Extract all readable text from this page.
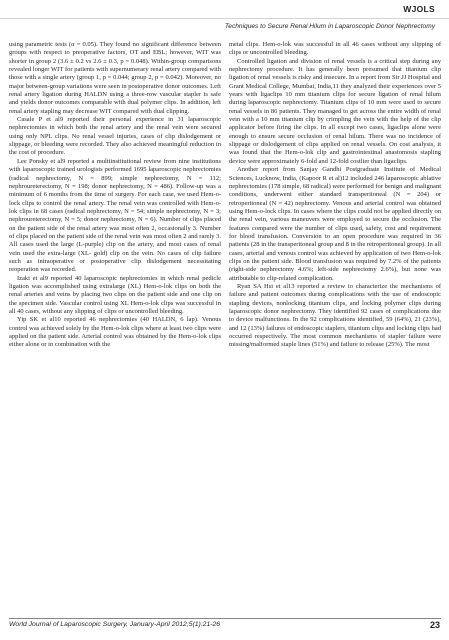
WJOLS
Techniques to Secure Renal Hilum in Laparoscopic Donor Nephrectomy

using parametric tests (α = 0.05). They found no significant difference between groups with respect to preoperative factors, OT and EBL; however, WIT was shorter in group 2 (3.6 ± 0.2 vs 2.6 ± 0.3, p = 0.048). Within-group comparisons revealed longer WIT for patients with supernumerary renal artery compared with those with a single artery (group 1, p = 0.044; group 2, p = 0.042). Moreover, no major between-group variations were seen in postoperative donor outcomes. Left renal artery ligation during HALDN using a three-row vascular stapler is safe and yields donor outcomes comparable with dual polymer clips. In addition, left renal artery stapling may decrease WIT compared with dual clipping.

Casale P et al9 reported their personal experience in 31 laparoscopic nephrectomies in which both the renal artery and the renal vein were secured using only NPL clips. No renal vessel injuries, cases of clip dislodgement or slippage, or bleeding were recorded. They also achieved meaningful reduction in the cost of procedure.

Lee Ponsky et al9 reported a multiinstitutional review from nine institutions with laparoscopic trained urologists performed 1695 laparoscopic nephrectomies (radical nephrectomy, N = 899; simple nephrectomy, N = 112; nephroureterectomy, N = 198; donor nephrectomy, N = 486). Follow-up was a minimum of 6 months from the time of surgery. For each case, we used Hem-o-lock clips to control the renal artery. The renal vein was controlled with Hem-o-lok clips in 68 cases (radical nephrectomy, N = 54; simple nephrectomy, N = 3; nephroureterectomy, N = 5; donor nephrectomy, N = 6). Number of clips placed on the patient side of the renal artery was most often 2, occasionally 3. Number of clips placed on the patient side of the renal vein was most often 2 and rarely 3. All cases used the large (L-purple) clip on the artery, and most cases of renal vein used the extra-large (XL- gold) clip on the vein. No cases of clip failure such as intraoperative or postoperative clip dislodgement necessitating reoperation was recorded.

Izaki et al9 reported 40 laparoscopic nephrectomies in which renal pedicle ligation was accomplished using extralarge (XL) Hem-o-lok clips on both the renal arteries and veins by placing two clips on the patient side and one clip on the specimen side. Vascular control using XL Hem-o-lok clips was successful in all 40 cases, without any slipping of clips or uncontrolled bleeding.

Yip SK et al10 reported 46 nephrectomies (40 HALDN, 6 lap). Venous control was achieved solely by the Hem-o-lok clips where at least two clips were applied on the patient side. Arterial control was obtained by the Hem-o-lok clips either alone or in combination with the

metal clips. Hem-o-lok was successful in all 46 cases without any slipping of clips or uncontrolled bleeding.

Controlled ligation and division of renal vessels is a critical step during any nephrectomy procedure. It has generally been presumed that titanium clip ligation of renal vessels is risky and insecure. In a report from Sir JJ Hospital and Grant Medical College, Mumbai, India,11 they analyzed their experiences over 5 years with ligaclips 10 mm titanium clips for secure ligation of renal hilum during laparoscopic nephrectomy. Titanium clips of 10 mm were used to secure renal vessels in 86 patients. They managed to get across the entire width of renal vein with a 10 mm titanium clip by crimpling the vein with the help of the clip applicator before firing the clips. In all except two cases, ligaclips alone were enough to ensure secure occlusion of renal hilum. There was no incidence of slippage or dislodgement of clips applied on renal vessels. On cost analysis, it was found that the Hem-o-lok clip and gastrointestinal anastomosis stapling device were approximately 6-fold and 12-fold costlier than ligaclips.

Another report from Sanjay Gandhi Postgraduate Institute of Medical Sciences, Lucknow, India, (Kapoor R et al)12 included 246 laparoscopic ablative nephrectomies (178 simple, 68 radical) were performed for benign and malignant conditions, underwent either standard transperitoneal (N = 204) or retroperitoneal (N = 42) nephrectomy. Venous and arterial control was obtained using Hem-o-lock clips. In cases where the clips could not be applied directly on the renal vein, various maneuvers were employed to secure the occlusion. The features compared were the number of clips used, safety, cost and requirement for blood transfusion. Conversion to an open procedure was required in 36 patients (28 in the transperitoneal group and 8 in the retroperitoneal group). In all cases, arterial and venous control was achieved by application of two Hem-o-lok clips on the patient side. Blood transfusion was required by 7.2% of the patients (right-side nephrectomy 4.6%; left-side nephrectomy 2.6%), but none was attributable to clip-related complication.

Ryan SA Hsi et al13 reported a review to characterize the mechanisms of failure and patient outcomes during complications with the use of endoscopic stapling devices, nonlocking titanium clips, and locking polymer clips during laparoscopic donor nephrectomy. They identified 92 cases of complications due to device malfunctions. In the 92 complications identified, 59 (64%), 21 (23%), and 12 (13%) failures of endoscopic staplers, titanium clips and locking clips had occurred respectively. The most common mechanisms of stapler failure were missing/malformed staple lines (51%) and failure to release (25%). The most

World Journal of Laparoscopic Surgery, January-April 2012;5(1):21-26	23
